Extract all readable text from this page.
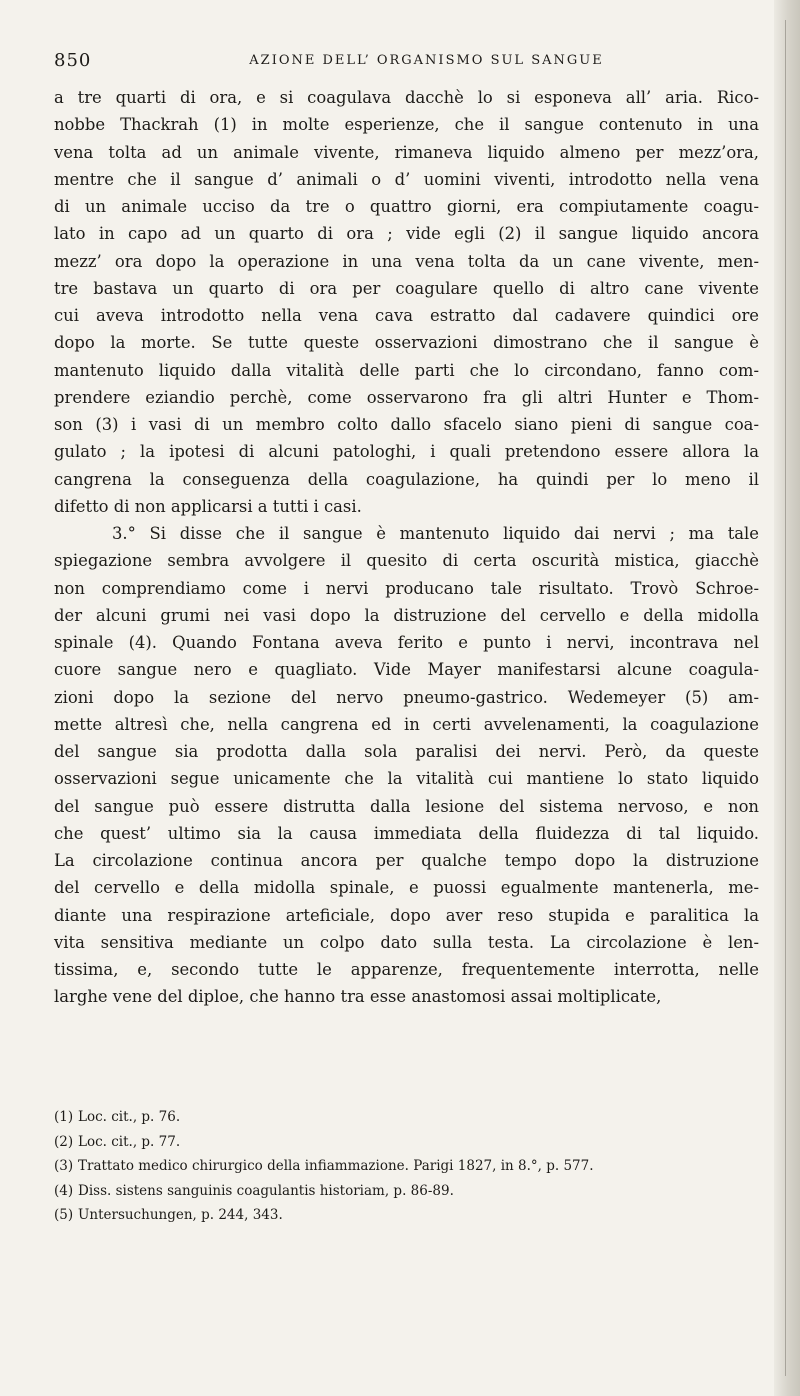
850	AZIONE DELL’ ORGANISMO SUL SANGUE
a tre quarti di ora, e si coagulava dacchè lo si esponeva all’ aria. Rico-
nobbe Thackrah (1) in molte esperienze, che il sangue contenuto in una
vena tolta ad un animale vivente, rimaneva liquido almeno per mezz’ora,
mentre che il sangue d’ animali o d’ uomini viventi, introdotto nella vena
di un animale ucciso da tre o quattro giorni, era compiutamente coagu-
lato in capo ad un quarto di ora ; vide egli (2) il sangue liquido ancora
mezz’ ora dopo la operazione in una vena tolta da un cane vivente, men-
tre bastava un quarto di ora per coagulare quello di altro cane vivente
cui aveva introdotto nella vena cava estratto dal cadavere quindici ore
dopo la morte. Se tutte queste osservazioni dimostrano che il sangue è
mantenuto liquido dalla vitalità delle parti che lo circondano, fanno com-
prendere eziandio perchè, come osservarono fra gli altri Hunter e Thom-
son (3) i vasi di un membro colto dallo sfacelo siano pieni di sangue coa-
gulato ; la ipotesi di alcuni patologhi, i quali pretendono essere allora la
cangrena la conseguenza della coagulazione, ha quindi per lo meno il
difetto di non applicarsi a tutti i casi.
3.° Si disse che il sangue è mantenuto liquido dai nervi ; ma tale
spiegazione sembra avvolgere il quesito di certa oscurità mistica, giacchè
non comprendiamo come i nervi producano tale risultato. Trovò Schroe-
der alcuni grumi nei vasi dopo la distruzione del cervello e della midolla
spinale (4). Quando Fontana aveva ferito e punto i nervi, incontrava nel
cuore sangue nero e quagliato. Vide Mayer manifestarsi alcune coagula-
zioni dopo la sezione del nervo pneumo-gastrico. Wedemeyer (5) am-
mette altresì che, nella cangrena ed in certi avvelenamenti, la coagulazione
del sangue sia prodotta dalla sola paralisi dei nervi. Però, da queste
osservazioni segue unicamente che la vitalità cui mantiene lo stato liquido
del sangue può essere distrutta dalla lesione del sistema nervoso, e non
che quest’ ultimo sia la causa immediata della fluidezza di tal liquido.
La circolazione continua ancora per qualche tempo dopo la distruzione
del cervello e della midolla spinale, e puossi egualmente mantenerla, me-
diante una respirazione arteficiale, dopo aver reso stupida e paralitica la
vita sensitiva mediante un colpo dato sulla testa. La circolazione è len-
tissima, e, secondo tutte le apparenze, frequentemente interrotta, nelle
larghe vene del diploe, che hanno tra esse anastomosi assai moltiplicate,
(1) Loc. cit., p. 76.
(2) Loc. cit., p. 77.
(3) Trattato medico chirurgico della infiammazione. Parigi 1827, in 8.°, p. 577.
(4) Diss. sistens sanguinis coagulantis historiam, p. 86-89.
(5) Untersuchungen, p. 244, 343.
